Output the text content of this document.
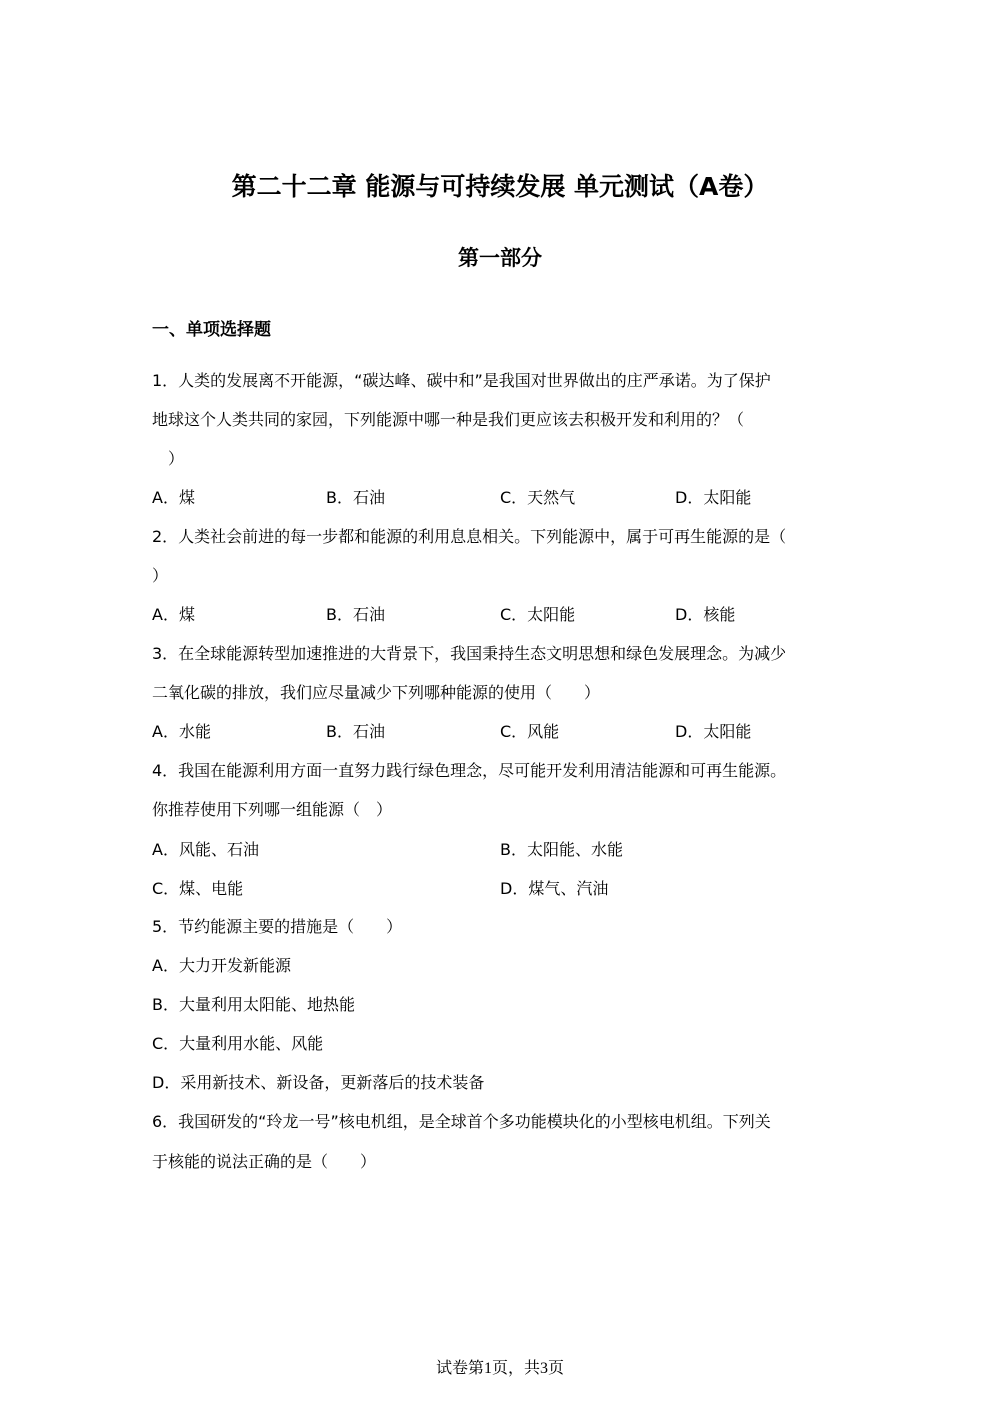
第二十二章 能源与可持续发展 单元测试（A卷）
第一部分
一、单项选择题
1．人类的发展离不开能源，“碳达峰、碳中和”是我国对世界做出的庄严承诺。为了保护
地球这个人类共同的家园，下列能源中哪一种是我们更应该去积极开发和利用的？（
　）
A．煤	B．石油	C．天然气	D．太阳能
2．人类社会前进的每一步都和能源的利用息息相关。下列能源中，属于可再生能源的是（
）
A．煤	B．石油	C．太阳能	D．核能
3．在全球能源转型加速推进的大背景下，我国秉持生态文明思想和绿色发展理念。为减少
二氧化碳的排放，我们应尽量减少下列哪种能源的使用（　　）
A．水能	B．石油	C．风能	D．太阳能
4．我国在能源利用方面一直努力践行绿色理念，尽可能开发利用清洁能源和可再生能源。
你推荐使用下列哪一组能源（　）
A．风能、石油	B．太阳能、水能
C．煤、电能	D．煤气、汽油
5．节约能源主要的措施是（　　）
A．大力开发新能源
B．大量利用太阳能、地热能
C．大量利用水能、风能
D．采用新技术、新设备，更新落后的技术装备
6．我国研发的“玲龙一号”核电机组，是全球首个多功能模块化的小型核电机组。下列关
于核能的说法正确的是（　　）
试卷第1页，共3页
